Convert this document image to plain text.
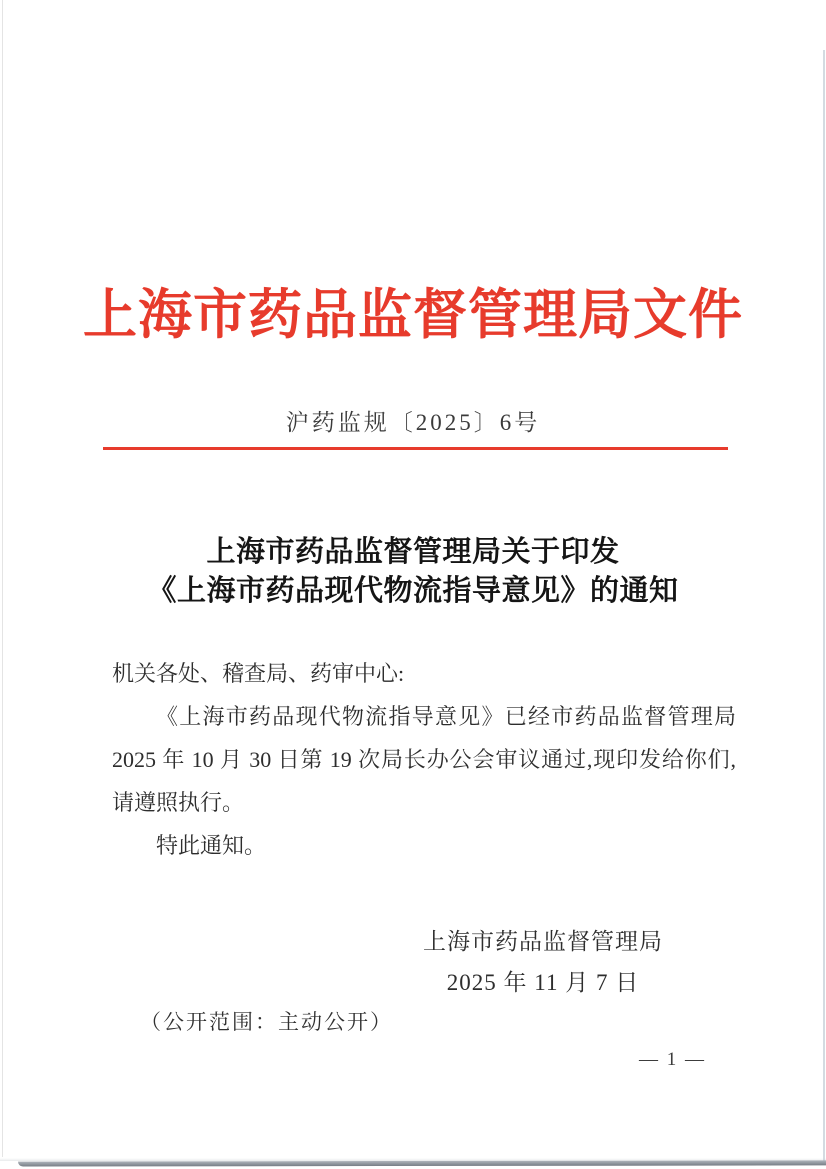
上海市药品监督管理局文件
沪药监规〔2025〕6号
上海市药品监督管理局关于印发
《上海市药品现代物流指导意见》的通知
机关各处、稽查局、药审中心:
《上海市药品现代物流指导意见》已经市药品监督管理局
2025 年 10 月 30 日第 19 次局长办公会审议通过,现印发给你们,
请遵照执行。
特此通知。
上海市药品监督管理局
2025 年 11 月 7 日
（公开范围：主动公开）
— 1 —
